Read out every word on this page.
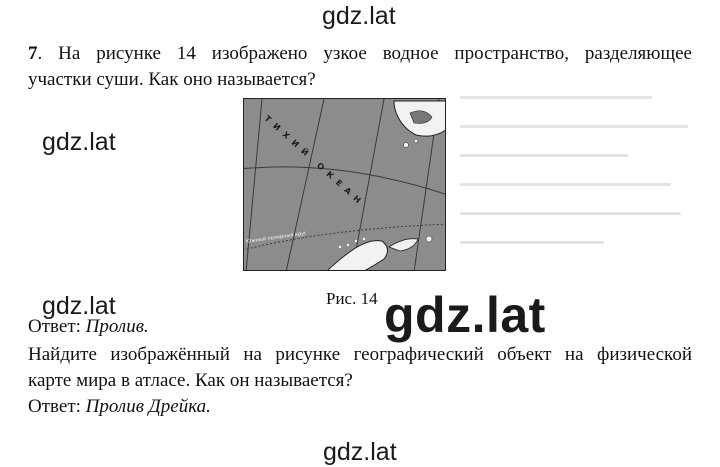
gdz.lat
7. На рисунке 14 изображено узкое водное пространство, разделяющее
участки суши. Как оно называется?
gdz.lat	ТИХИЙ ОКЕАН
Южный полярный круг
Рис. 14
gdz.lat	gdz.lat
Ответ: Пролив.
Найдите изображённый на рисунке географический объект на физической
карте мира в атласе. Как он называется?
Ответ: Пролив Дрейка.
gdz.lat
